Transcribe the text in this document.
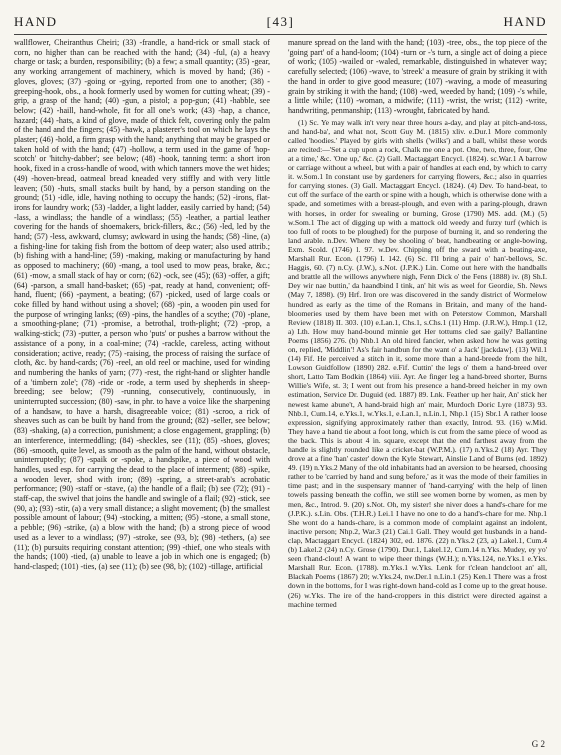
HAND	[43]	HAND

wallflower, Cheiranthus Cheiri; (33) -frandle, a hand-rick or small stack of corn, no higher than can be reached with the hand; (34) -ful, (a) a heavy charge or task; a burden, responsibility; (b) a few; a small quantity; (35) -gear, any working arrangement of machinery, which is moved by hand; (36) -gloves, gloves; (37) -going or -gying, reported from one to another; (38) -greeping-hook, obs., a hook formerly used by women for cutting wheat; (39) -grip, a grasp of the hand; (40) -gun, a pistol; a pop-gun; (41) -habble, see below; (42) -haill, hand-whole, fit for all one's work; (43) -hap, a chance, hazard; (44) -hats, a kind of glove, made of thick felt, covering only the palm of the hand and the fingers; (45) -hawk, a plasterer's tool on which he lays the plaster; (46) -hold, a firm grasp with the hand; anything that may be grasped or taken hold of with the hand; (47) -hollow, a term used in the game of 'hop-scotch' or 'hitchy-dabber'; see below; (48) -hook, tanning term: a short iron hook, fixed in a cross-handle of wood, with which tanners move the wet hides; (49) -hoven-bread, oatmeal bread kneaded very stiffly and with very little leaven; (50) -huts, small stacks built by hand, by a person standing on the ground; (51) -idle, idle, having nothing to occupy the hands; (52) -irons, flat-irons for laundry work; (53) -ladder, a light ladder, easily carried by hand; (54) -lass, a windlass; the handle of a windlass; (55) -leather, a partial leather covering for the hands of shoemakers, brick-fillers, &c.; (56) -led, led by the hand; (57) -less, awkward, clumsy; awkward in using the hands; (58) -line, (a) a fishing-line for taking fish from the bottom of deep water; also used attrib.; (b) fishing with a hand-line; (59) -making, making or manufacturing by hand as opposed to machinery; (60) -mang, a tool used to mow peas, brake, &c.; (61) -mow, a small stack of hay or corn; (62) -ock, see (45); (63) -offer, a gift; (64) -parson, a small hand-basket; (65) -pat, ready at hand, convenient; off-hand, fluent; (66) -payment, a beating; (67) -picked, used of large coals or coke filled by hand without using a shovel; (68) -pin, a wooden pin used for the purpose of wringing lanks; (69) -pins, the handles of a scythe; (70) -plane, a smoothing-plane; (71) -promise, a betrothal, troth-plight; (72) -prop, a walking-stick; (73) -putter, a person who 'puts' or pushes a barrow without the assistance of a pony, in a coal-mine; (74) -rackle, careless, acting without consideration; active, ready; (75) -raising, the process of raising the surface of cloth, &c. by hand-cards; (76) -reel, an old reel or machine, used for winding and numbering the hanks of yarn; (77) -rest, the right-hand or slighter handle of a 'timbern zole'; (78) -ride or -rode, a term used by shepherds in sheep-breeding; see below; (79) -running, consecutively, continuously, in uninterrupted succession; (80) -saw, in phr. to have a voice like the sharpening of a handsaw, to have a harsh, disagreeable voice; (81) -scroo, a rick of sheaves such as can be built by hand from the ground; (82) -seller, see below; (83) -shaking, (a) a correction, punishment; a close engagement, grappling; (b) an interference, intermeddling; (84) -sheckles, see (11); (85) -shoes, gloves; (86) -smooth, quite level, as smooth as the palm of the hand, without obstacle, uninterruptedly; (87) -spaik or -spoke, a handspike, a piece of wood with handles, used esp. for carrying the dead to the place of interment; (88) -spike, a wooden lever, shod with iron; (89) -spring, a street-arab's acrobatic performance; (90) -staff or -stave, (a) the handle of a flail; (b) see (72); (91) -staff-cap, the swivel that joins the handle and swingle of a flail; (92) -stick, see (90, a); (93) -stir, (a) a very small distance; a slight movement; (b) the smallest possible amount of labour; (94) -stocking, a mitten; (95) -stone, a small stone, a pebble; (96) -strike, (a) a blow with the hand; (b) a strong piece of wood used as a lever to a windlass; (97) -stroke, see (93, b); (98) -tethers, (a) see (11); (b) pursuits requiring constant attention; (99) -thief, one who steals with the hands; (100) -tied, (a) unable to leave a job in which one is engaged; (b) hand-clasped; (101) -ties, (a) see (11); (b) see (98, b); (102) -tillage, artificial

manure spread on the land with the hand; (103) -tree, obs., the top piece of the 'going part' of a hand-loom; (104) -turn or -'s turn, a single act of doing a piece of work; (105) -wailed or -waled, remarkable, distinguished in whatever way; carefully selected; (106) -wave, to 'streek' a measure of grain by striking it with the hand in order to give good measure; (107) -waving, a mode of measuring grain by striking it with the hand; (108) -wed, weeded by hand; (109) -'s while, a little while; (110) -woman, a midwife; (111) -wrist, the wrist; (112) -write, handwriting, penmanship; (113) -wrought, fabricated by hand.

(1) Sc. Ye may walk in't very near three hours a-day, and play at pitch-and-toss, and hand-ba', and what not, Scott Guy M. (1815) xliv. e.Dur.1 More commonly called 'hoodies.' Played by girls with shells ('wilks') and a ball, whilst these words are recited:—'Set a cup upon a rock, Chalk me one a pot. One, two, three, four, One at a time,' &c. 'One up,' &c. (2) Gall. Mactaggart Encycl. (1824). sc.War.1 A barrow or carriage without a wheel, but with a pair of handles at each end, by which to carry it. w.Som.1 In constant use by gardeners for carrying flowers, &c.; also in quarries for carrying stones. (3) Gall. Mactaggart Encycl. (1824). (4) Dev. To hand-beat, to cut off the surface of the earth or spine with a hough, which is otherwise done with a spade, and sometimes with a breast-plough, and even with a paring-plough, drawn with horses, in order for swealing or burning, Grose (1790) MS. add. (M.) (5) w.Som.1 The act of digging up with a mattock old weedy and furzy turf (which is too full of roots to be ploughed) for the purpose of burning it, and so rendering the land arable. n.Dev. Where they be shooling o' beat, handbeating or angle-bowing, Exm. Scold. (1746) l. 97. w.Dev. Chipping off the sward with a beating-axe, Marshall Rur. Econ. (1796) I. 142. (6) Sc. I'll bring a pair o' han'-bellows, Sc. Haggis, 60. (7) n.Cy. (J.W.), s.Not. (J.P.K.) Lin. Come out here with the handballs and brattle all the willows anywhere nigh, Fenn Dick o' the Fens (1888) iv. (8) Sh.I. Dey wir nae buttin,' da haandbind I tink, an' hit wis as weel for Geordie, Sh. News (May 7, 1898). (9) Hrf. Iron ore was discovered in the sandy district of Wormelow hundred as early as the time of the Romans in Britain, and many of the hand-bloomeries used by them have been met with on Peterstow Common, Marshall Review (1818) II. 303. (10) e.Lan.1, Chs.1, s.Chs.1 (11) Hmp. (J.R.W.), Hmp.1 (12, a) Lth. How muy hand-bound minnie get Her tottums cled sae gaily? Ballantine Poems (1856) 276. (b) Nhb.1 An old hired fancier, when asked how he was getting on, replied, 'Middlin'! As's fair handbun for the want o' a Jack' [jackdaw]. (13) Wil.1 (14) Fif. He perceived a stitch in it, some more than a hand-breede from the hilt, Lowson Guidfollow (1890) 282. e.Fif. Cuttin' the legs o' them a hand-breed over short, Latto Tam Bodkin (1864) viii. Ayr. Ae finger leg a hand-breed shorter, Burns Willie's Wife, st. 3; I went out from his presence a hand-breed heicher in my own estimation, Service Dr. Duguid (ed. 1887) 89. Lnk. Feather up her hair, An' stick her newest kame abune't, A hand-braid high an' mair, Murdoch Doric Lyre (1873) 93. Nhb.1, Cum.14, e.Yks.1, w.Yks.1, e.Lan.1, n.Lin.1, Nhp.1 (15) Sbr.1 A rather loose expression, signifying approximately rather than exactly, Introd. 93. (16) w.Mid. They have a hand tie about a foot long, which is cut from the same piece of wood as the back. This is about 4 in. square, except that the end farthest away from the handle is slightly rounded like a cricket-bat (W.P.M.). (17) n.Yks.2 (18) Ayr. They drove at a fine 'han' caster' down the Kyle Stewart, Ainslie Land of Burns (ed. 1892) 49. (19) n.Yks.2 Many of the old inhabitants had an aversion to be hearsed, choosing rather to be 'carried by hand and sung before,' as it was the mode of their families in time past; and in the suspensary manner of 'hand-carrying' with the help of linen towels passing beneath the coffin, we still see women borne by women, as men by men, &c., Introd. 9. (20) s.Not. Oh, my sister! she niver does a hand's-chare for me (J.P.K.). s.Lin. Obs. (T.H.R.) Lei.1 I have no one to do a hand's-chare for me. Nhp.1 She wont do a hands-chare, is a common mode of complaint against an indolent, inactive person; Nhp.2, War.3 (21) Cai.1 Gall. They would get husbands in a hand-clap, Mactaggart Encycl. (1824) 302, ed. 1876. (22) n.Yks.2 (23, a) Lakel.1, Cum.4 (b) Lakel.2 (24) n.Cy. Grose (1790). Dur.1, Lakel.12, Cum.14 n.Yks. Mudey, ey yo' seen t'hand-clout! A want to wipe theer things (W.H.); n.Yks.124, ne.Yks.1 e.Yks. Marshall Rur. Econ. (1788). m.Yks.1 w.Yks. Lenk for t'clean handcloot an' all, Blackah Poems (1867) 20; w.Yks.24, nw.Der.1 n.Lin.1 (25) Ken.1 There was a frost down in the bottoms, for I was right-down hand-cold as I come up to the great house. (26) w.Yks. The ire of the hand-croppers in this district were directed against a machine termed

G 2
